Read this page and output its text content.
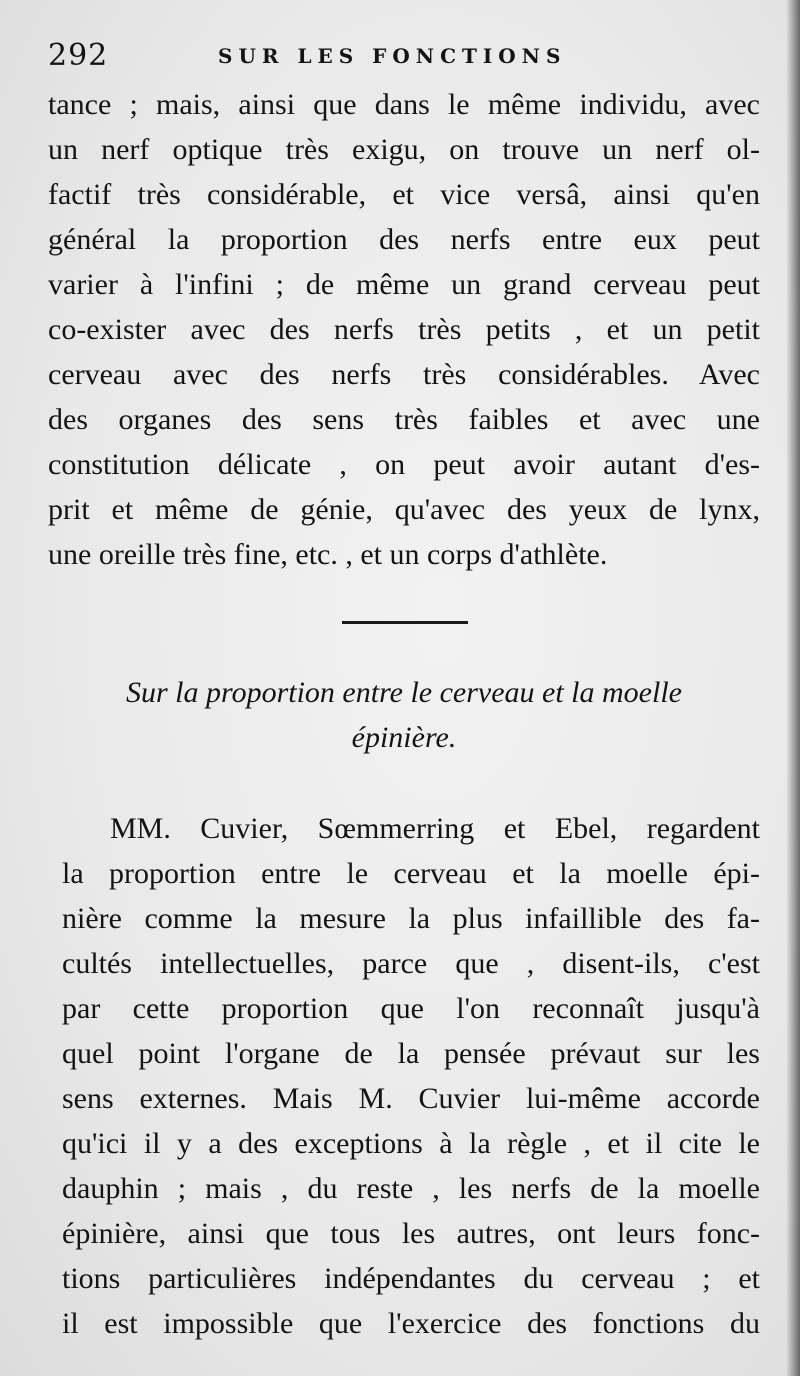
292	SUR LES FONCTIONS
tance ; mais, ainsi que dans le même individu, avec
un nerf optique très exigu, on trouve un nerf ol-
factif très considérable, et vice versâ, ainsi qu'en
général la proportion des nerfs entre eux peut
varier à l'infini ; de même un grand cerveau peut
co-exister avec des nerfs très petits , et un petit
cerveau avec des nerfs très considérables. Avec
des organes des sens très faibles et avec une
constitution délicate , on peut avoir autant d'es-
prit et même de génie, qu'avec des yeux de lynx,
une oreille très fine, etc. , et un corps d'athlète.
Sur la proportion entre le cerveau et la moelle
épinière.
MM. Cuvier, Sœmmerring et Ebel, regardent
la proportion entre le cerveau et la moelle épi-
nière comme la mesure la plus infaillible des fa-
cultés intellectuelles, parce que , disent-ils, c'est
par cette proportion que l'on reconnaît jusqu'à
quel point l'organe de la pensée prévaut sur les
sens externes. Mais M. Cuvier lui-même accorde
qu'ici il y a des exceptions à la règle , et il cite le
dauphin ; mais , du reste , les nerfs de la moelle
épinière, ainsi que tous les autres, ont leurs fonc-
tions particulières indépendantes du cerveau ; et
il est impossible que l'exercice des fonctions du
